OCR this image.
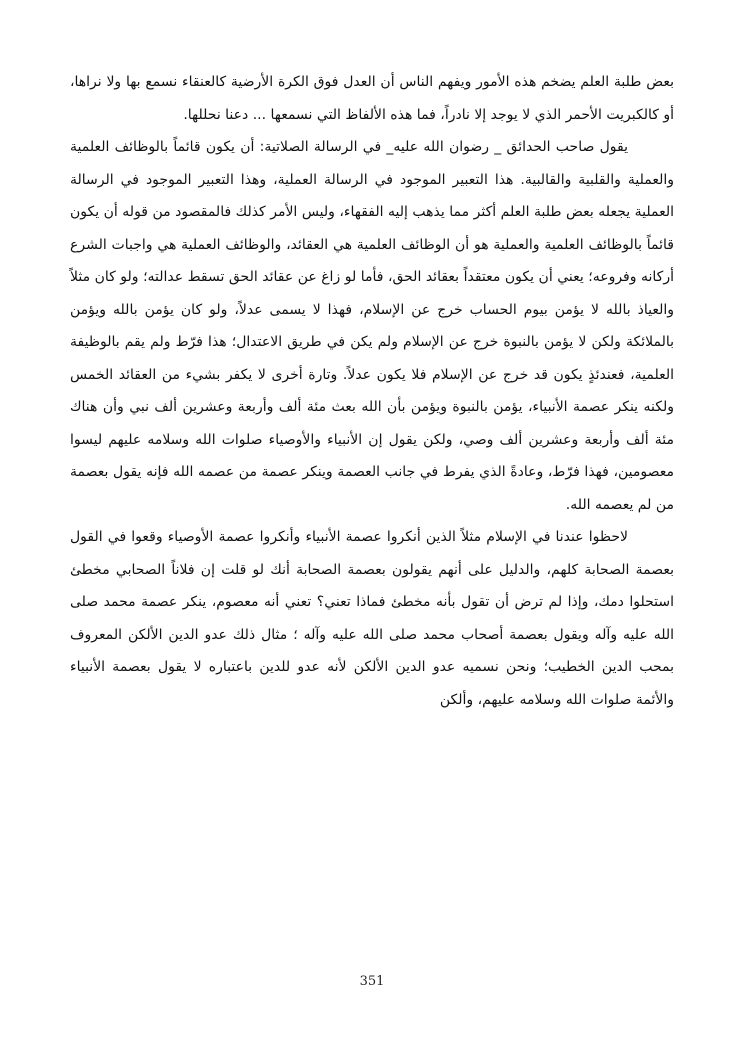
بعض طلبة العلم يضخم هذه الأمور ويفهم الناس أن العدل فوق الكرة الأرضية كالعنقاء نسمع بها ولا نراها، أو كالكبريت الأحمر الذي لا يوجد إلا نادراً، فما هذه الألفاظ التي نسمعها ... دعنا نحللها.

يقول صاحب الحدائق _ رضوان الله عليه_ في الرسالة الصلاتية: أن يكون قائماً بالوظائف العلمية والعملية والقلبية والقالبية. هذا التعبير الموجود في الرسالة العملية، وهذا التعبير الموجود في الرسالة العملية يجعله بعض طلبة العلم أكثر مما يذهب إليه الفقهاء، وليس الأمر كذلك فالمقصود من قوله أن يكون قائماً بالوظائف العلمية والعملية هو أن الوظائف العلمية هي العقائد، والوظائف العملية هي واجبات الشرع أركانه وفروعه؛ يعني أن يكون معتقداً بعقائد الحق، فأما لو زاغ عن عقائد الحق تسقط عدالته؛ ولو كان مثلاً والعياذ بالله لا يؤمن بيوم الحساب خرج عن الإسلام، فهذا لا يسمى عدلاً، ولو كان يؤمن بالله ويؤمن بالملائكة ولكن لا يؤمن بالنبوة خرج عن الإسلام ولم يكن في طريق الاعتدال؛ هذا فرّط ولم يقم بالوظيفة العلمية، فعندئذٍ يكون قد خرج عن الإسلام فلا يكون عدلاً. وتارة أخرى لا يكفر بشيء من العقائد الخمس ولكنه ينكر عصمة الأنبياء، يؤمن بالنبوة ويؤمن بأن الله بعث مئة ألف وأربعة وعشرين ألف نبي وأن هناك مئة ألف وأربعة وعشرين ألف وصي، ولكن يقول إن الأنبياء والأوصياء صلوات الله وسلامه عليهم ليسوا معصومين، فهذا فرّط، وعادةً الذي يفرط في جانب العصمة وينكر عصمة من عصمه الله فإنه يقول بعصمة من لم يعصمه الله.

لاحظوا عندنا في الإسلام مثلاً الذين أنكروا عصمة الأنبياء وأنكروا عصمة الأوصياء وقعوا في القول بعصمة الصحابة كلهم، والدليل على أنهم يقولون بعصمة الصحابة أنك لو قلت إن فلاناً الصحابي مخطئ استحلوا دمك، وإذا لم ترض أن تقول بأنه مخطئ فماذا تعني؟ تعني أنه معصوم، ينكر عصمة محمد صلى الله عليه وآله ويقول بعصمة أصحاب محمد صلى الله عليه وآله ؛ مثال ذلك عدو الدين الألكن المعروف بمحب الدين الخطيب؛ ونحن نسميه عدو الدين الألكن لأنه عدو للدين باعتباره لا يقول بعصمة الأنبياء والأئمة صلوات الله وسلامه عليهم، وألكن

351
